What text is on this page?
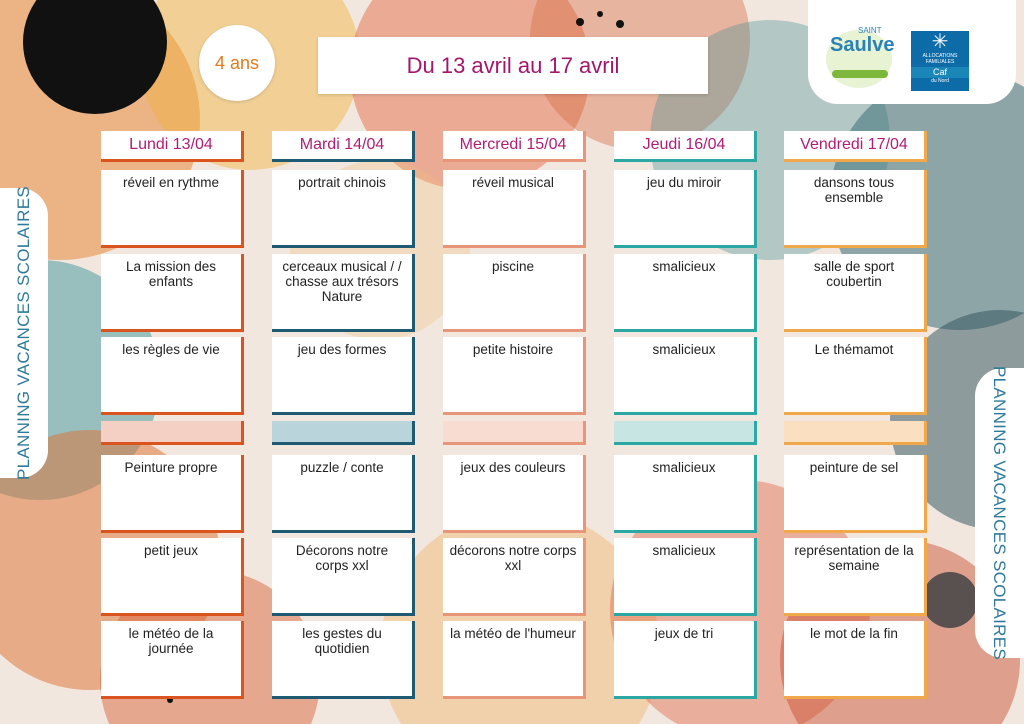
SAINT
Saulve	✳
ALLOCATIONS
FAMILIALES
Caf
du Nord
4 ans	Du 13 avril au 17 avril
PLANNING VACANCES SCOLAIRES
PLANNING VACANCES SCOLAIRES
Lundi 13/04
réveil en rythme
La mission des enfants
les règles de vie
Peinture propre
petit jeux
le météo de la journée
Mardi 14/04
portrait chinois
cerceaux musical / / chasse aux trésors Nature
jeu des formes
puzzle / conte
Décorons notre corps xxl
les gestes du quotidien
Mercredi 15/04
réveil musical
piscine
petite histoire
jeux des couleurs
décorons notre corps xxl
la météo de l'humeur
Jeudi 16/04
jeu du miroir
smalicieux
smalicieux
smalicieux
smalicieux
jeux de tri
Vendredi 17/04
dansons tous ensemble
salle de sport coubertin
Le thémamot
peinture de sel
représentation de la semaine
le mot de la fin
